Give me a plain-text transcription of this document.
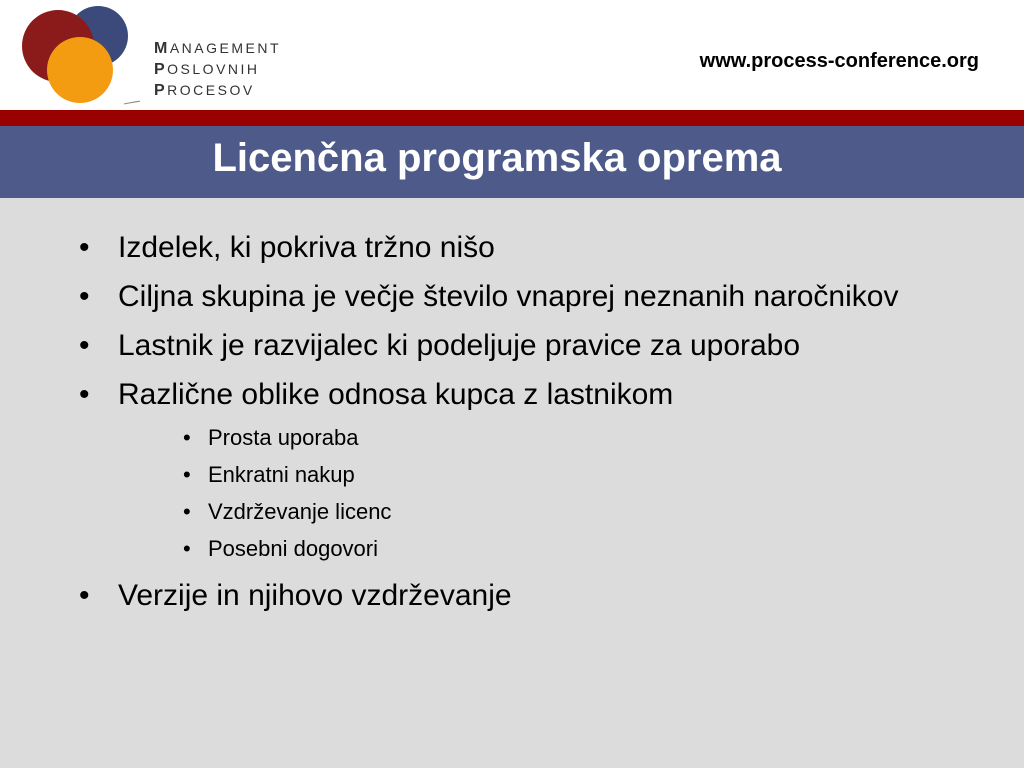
MANAGEMENT
POSLOVNIH
PROCESOV
www.process-conference.org
Licenčna programska oprema
• Izdelek, ki pokriva tržno nišo
• Ciljna skupina je večje število vnaprej neznanih naročnikov
• Lastnik je razvijalec ki podeljuje pravice za uporabo
• Različne oblike odnosa kupca z lastnikom
• Prosta uporaba
• Enkratni nakup
• Vzdrževanje licenc
• Posebni dogovori
• Verzije in njihovo vzdrževanje
